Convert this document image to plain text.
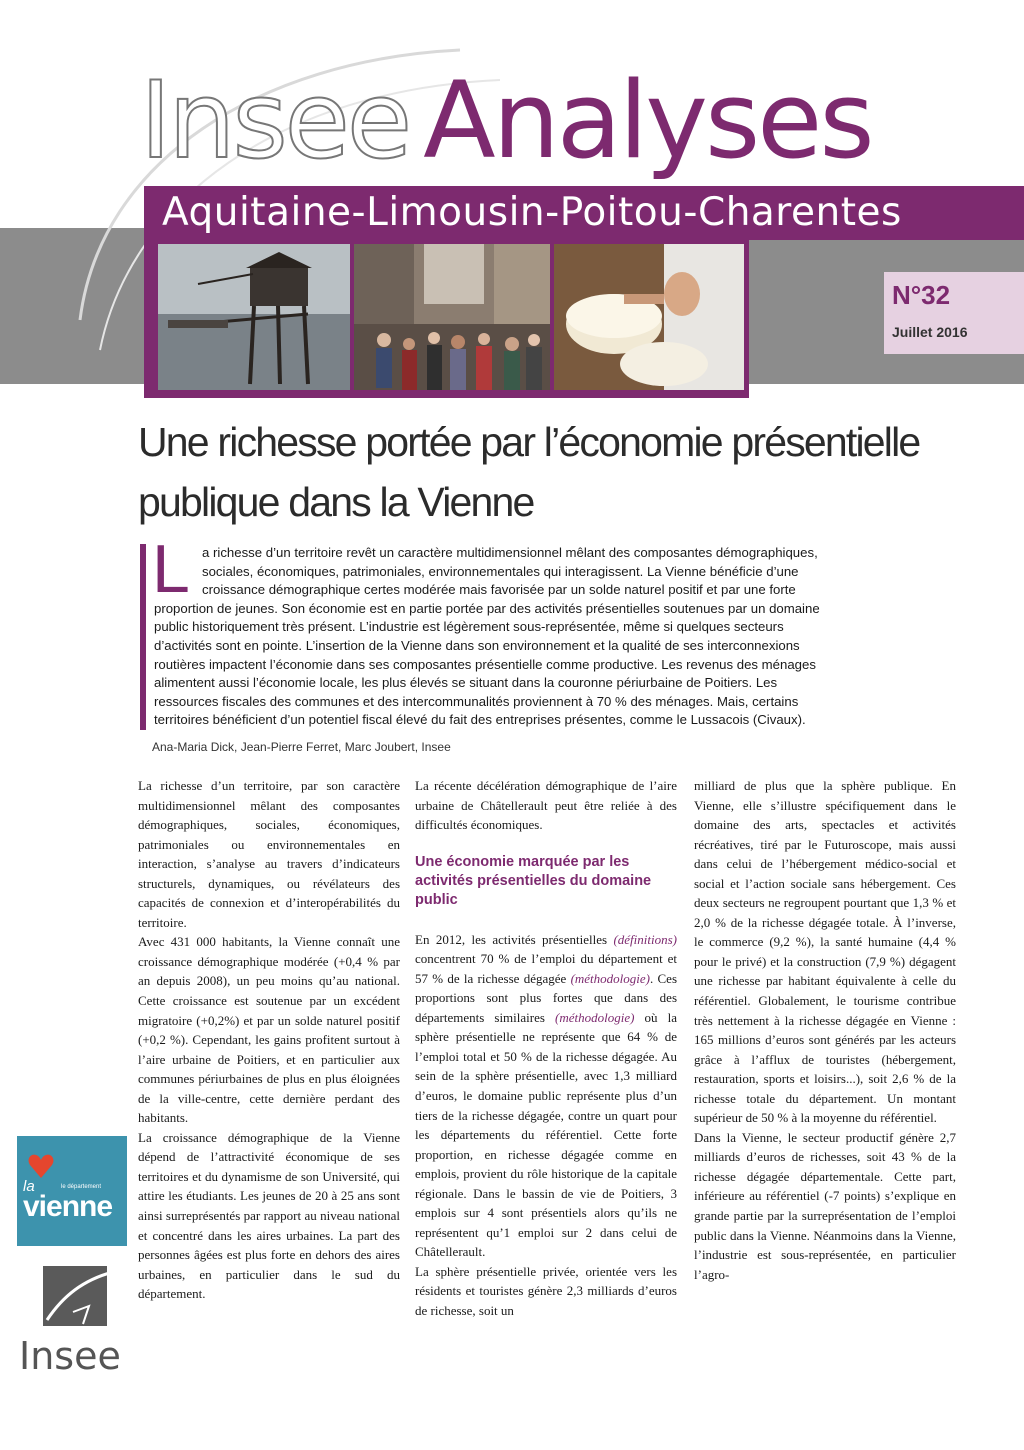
Insee Analyses
Aquitaine-Limousin-Poitou-Charentes
N°32
Juillet 2016
Une richesse portée par l’économie présentielle
publique dans la Vienne
L a richesse d’un territoire revêt un caractère multidimensionnel mêlant des composantes démographiques,
sociales, économiques, patrimoniales, environnementales qui interagissent. La Vienne bénéficie d’une
croissance démographique certes modérée mais favorisée par un solde naturel positif et par une forte
proportion de jeunes. Son économie est en partie portée par des activités présentielles soutenues par un domaine
public historiquement très présent. L’industrie est légèrement sous-représentée, même si quelques secteurs
d’activités sont en pointe. L’insertion de la Vienne dans son environnement et la qualité de ses interconnexions
routières impactent l’économie dans ses composantes présentielle comme productive. Les revenus des ménages
alimentent aussi l’économie locale, les plus élevés se situant dans la couronne périurbaine de Poitiers. Les
ressources fiscales des communes et des intercommunalités proviennent à 70 % des ménages. Mais, certains
territoires bénéficient d’un potentiel fiscal élevé du fait des entreprises présentes, comme le Lussacois (Civaux).
Ana-Maria Dick, Jean-Pierre Ferret, Marc Joubert, Insee

La richesse d’un territoire, par son caractère multidimensionnel mêlant des composantes démographiques, sociales, économiques, patrimoniales ou environnementales en interaction, s’analyse au travers d’indicateurs structurels, dynamiques, ou révélateurs des capacités de connexion et d’interopérabilités du territoire.

Avec 431 000 habitants, la Vienne connaît une croissance démographique modérée (+0,4 % par an depuis 2008), un peu moins qu’au national. Cette croissance est soutenue par un excédent migratoire (+0,2%) et par un solde naturel positif (+0,2 %). Cependant, les gains profitent surtout à l’aire urbaine de Poitiers, et en particulier aux communes périurbaines de plus en plus éloignées de la ville-centre, cette dernière perdant des habitants.

La croissance démographique de la Vienne dépend de l’attractivité économique de ses territoires et du dynamisme de son Université, qui attire les étudiants. Les jeunes de 20 à 25 ans sont ainsi surreprésentés par rapport au niveau national et concentré dans les aires urbaines. La part des personnes âgées est plus forte en dehors des aires urbaines, en particulier dans le sud du département.

La récente décélération démographique de l’aire urbaine de Châtellerault peut être reliée à des difficultés économiques.

Une économie marquée par les activités présentielles du domaine public

En 2012, les activités présentielles (définitions) concentrent 70 % de l’emploi du département et 57 % de la richesse dégagée (méthodologie). Ces proportions sont plus fortes que dans des départements similaires (méthodologie) où la sphère présentielle ne représente que 64 % de l’emploi total et 50 % de la richesse dégagée. Au sein de la sphère présentielle, avec 1,3 milliard d’euros, le domaine public représente plus d’un tiers de la richesse dégagée, contre un quart pour les départements du référentiel. Cette forte proportion, en richesse dégagée comme en emplois, provient du rôle historique de la capitale régionale. Dans le bassin de vie de Poitiers, 3 emplois sur 4 sont présentiels alors qu’ils ne représentent qu’1 emploi sur 2 dans celui de Châtellerault.

La sphère présentielle privée, orientée vers les résidents et touristes génère 2,3 milliards d’euros de richesse, soit un

milliard de plus que la sphère publique. En Vienne, elle s’illustre spécifiquement dans le domaine des arts, spectacles et activités récréatives, tiré par le Futuroscope, mais aussi dans celui de l’hébergement médico-social et social et l’action sociale sans hébergement. Ces deux secteurs ne regroupent pourtant que 1,3 % et 2,0 % de la richesse dégagée totale. À l’inverse, le commerce (9,2 %), la santé humaine (4,4 % pour le privé) et la construction (7,9 %) dégagent une richesse par habitant équivalente à celle du référentiel. Globalement, le tourisme contribue très nettement à la richesse dégagée en Vienne : 165 millions d’euros sont générés par les acteurs grâce à l’afflux de touristes (hébergement, restauration, sports et loisirs...), soit 2,6 % de la richesse totale du département. Un montant supérieur de 50 % à la moyenne du référentiel.

Dans la Vienne, le secteur productif génère 2,7 milliards d’euros de richesses, soit 43 % de la richesse dégagée départementale. Cette part, inférieure au référentiel (-7 points) s’explique en grande partie par la surreprésentation de l’emploi public dans la Vienne. Néanmoins dans la Vienne, l’industrie est sous-représentée, en particulier l’agro-

la	le département
vienne
Insee
